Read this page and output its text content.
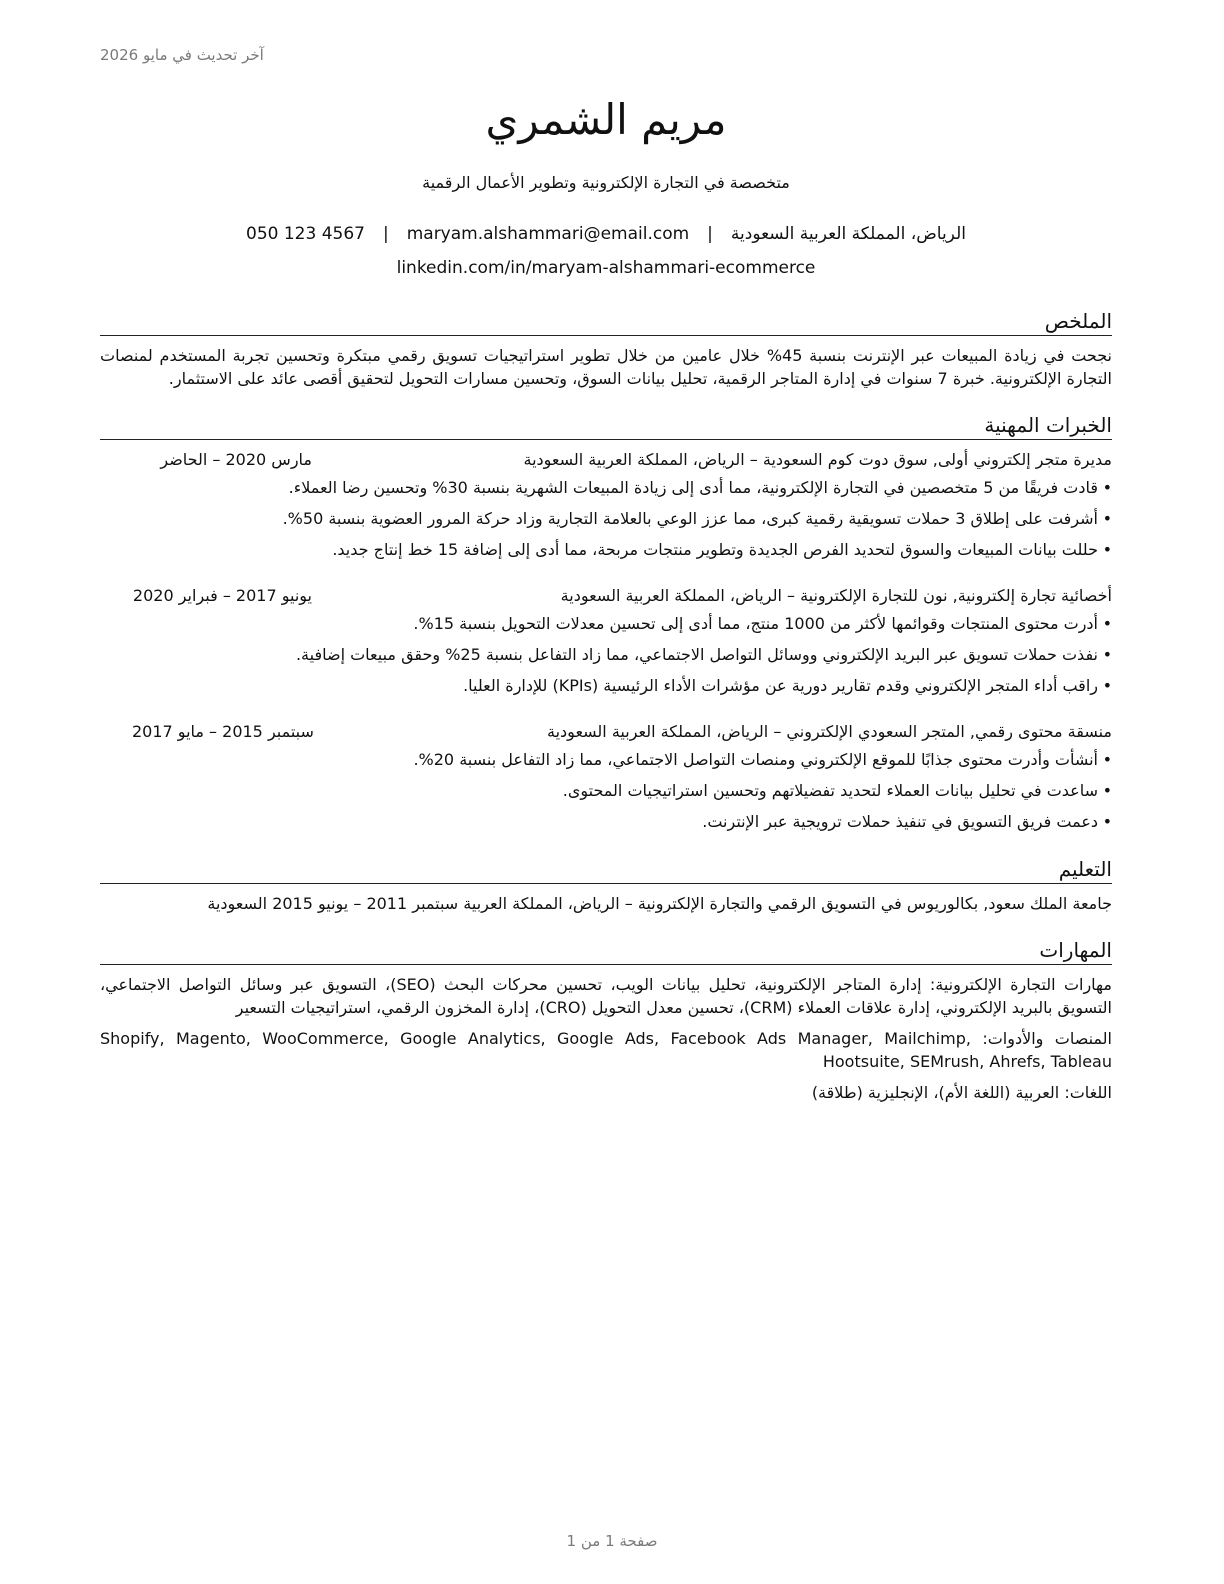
آخر تحديث في مايو 2026
مريم الشمري
متخصصة في التجارة الإلكترونية وتطوير الأعمال الرقمية
الرياض، المملكة العربية السعودية|maryam.alshammari@email.com|050 123 4567
linkedin.com/in/maryam-alshammari-ecommerce
الملخص
نجحت في زيادة المبيعات عبر الإنترنت بنسبة 45% خلال عامين من خلال تطوير استراتيجيات تسويق رقمي مبتكرة وتحسين تجربة المستخدم لمنصات التجارة الإلكترونية. خبرة 7 سنوات في إدارة المتاجر الرقمية، تحليل بيانات السوق، وتحسين مسارات التحويل لتحقيق أقصى عائد على الاستثمار.
الخبرات المهنية
مديرة متجر إلكتروني أولى, سوق دوت كوم السعودية – الرياض، المملكة العربية السعودية
مارس 2020 – الحاضر
•
قادت فريقًا من 5 متخصصين في التجارة الإلكترونية، مما أدى إلى زيادة المبيعات الشهرية بنسبة 30% وتحسين رضا العملاء.
•
أشرفت على إطلاق 3 حملات تسويقية رقمية كبرى، مما عزز الوعي بالعلامة التجارية وزاد حركة المرور العضوية بنسبة 50%.
•
حللت بيانات المبيعات والسوق لتحديد الفرص الجديدة وتطوير منتجات مربحة، مما أدى إلى إضافة 15 خط إنتاج جديد.
أخصائية تجارة إلكترونية, نون للتجارة الإلكترونية – الرياض، المملكة العربية السعودية
يونيو 2017 – فبراير 2020
•
أدرت محتوى المنتجات وقوائمها لأكثر من 1000 منتج، مما أدى إلى تحسين معدلات التحويل بنسبة 15%.
•
نفذت حملات تسويق عبر البريد الإلكتروني ووسائل التواصل الاجتماعي، مما زاد التفاعل بنسبة 25% وحقق مبيعات إضافية.
•
راقب أداء المتجر الإلكتروني وقدم تقارير دورية عن مؤشرات الأداء الرئيسية (KPIs) للإدارة العليا.
منسقة محتوى رقمي, المتجر السعودي الإلكتروني – الرياض، المملكة العربية السعودية
سبتمبر 2015 – مايو 2017
•
أنشأت وأدرت محتوى جذابًا للموقع الإلكتروني ومنصات التواصل الاجتماعي، مما زاد التفاعل بنسبة 20%.
•
ساعدت في تحليل بيانات العملاء لتحديد تفضيلاتهم وتحسين استراتيجيات المحتوى.
•
دعمت فريق التسويق في تنفيذ حملات ترويجية عبر الإنترنت.
التعليم
جامعة الملك سعود, بكالوريوس في التسويق الرقمي والتجارة الإلكترونية – الرياض، المملكة العربية سبتمبر 2011 – يونيو 2015 السعودية
المهارات
مهارات التجارة الإلكترونية: إدارة المتاجر الإلكترونية، تحليل بيانات الويب، تحسين محركات البحث (SEO)، التسويق عبر وسائل التواصل الاجتماعي، التسويق بالبريد الإلكتروني، إدارة علاقات العملاء (CRM)، تحسين معدل التحويل (CRO)، إدارة المخزون الرقمي، استراتيجيات التسعير
المنصات والأدوات: Shopify, Magento, WooCommerce, Google Analytics, Google Ads, Facebook Ads Manager, Mailchimp, Hootsuite, SEMrush, Ahrefs, Tableau
اللغات: العربية (اللغة الأم)، الإنجليزية (طلاقة)
صفحة 1 من 1
